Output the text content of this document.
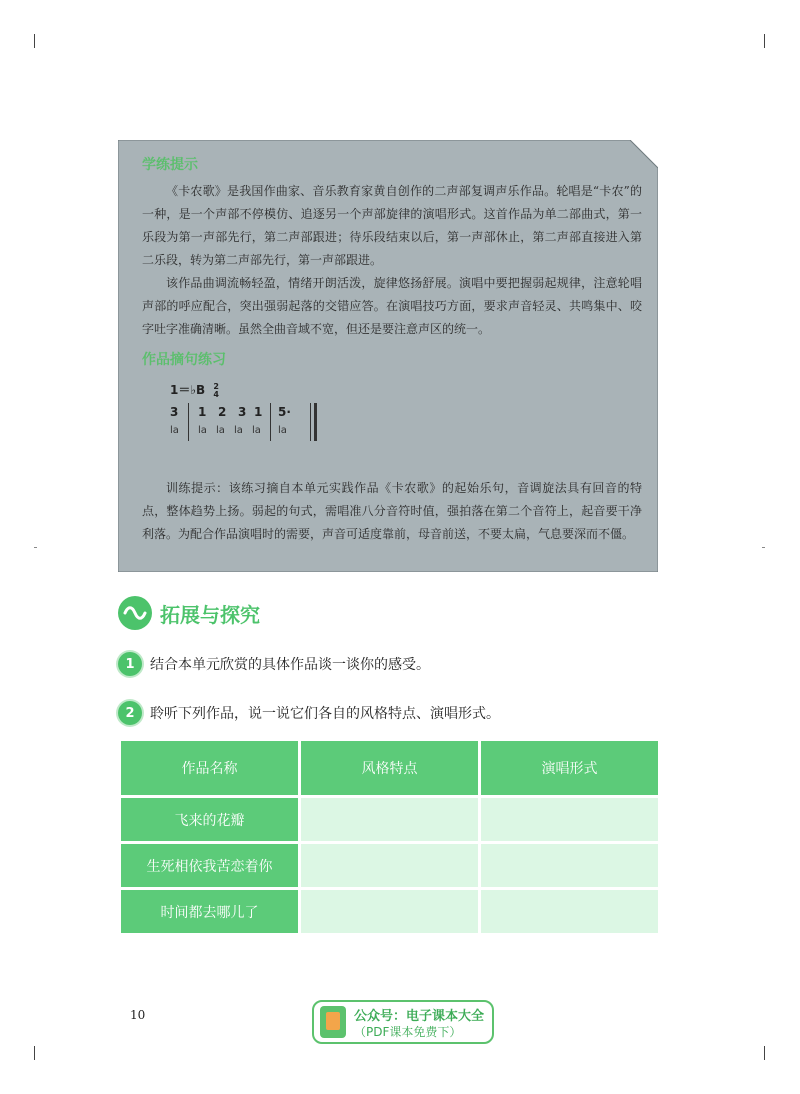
学练提示

《卡农歌》是我国作曲家、音乐教育家黄自创作的二声部复调声乐作品。轮唱是“卡农”的一种，是一个声部不停模仿、追逐另一个声部旋律的演唱形式。这首作品为单二部曲式，第一乐段为第一声部先行，第二声部跟进；待乐段结束以后，第一声部休止，第二声部直接进入第二乐段，转为第二声部先行，第一声部跟进。

该作品曲调流畅轻盈，情绪开朗活泼，旋律悠扬舒展。演唱中要把握弱起规律，注意轮唱声部的呼应配合，突出强弱起落的交错应答。在演唱技巧方面，要求声音轻灵、共鸣集中、咬字吐字准确清晰。虽然全曲音域不宽，但还是要注意声区的统一。

作品摘句练习
1＝♭B 2
4
3 1 2 3 1 5·
la la la la la la

训练提示：该练习摘自本单元实践作品《卡农歌》的起始乐句，音调旋法具有回音的特点，整体趋势上扬。弱起的句式，需唱准八分音符时值，强拍落在第二个音符上，起音要干净利落。为配合作品演唱时的需要，声音可适度靠前，母音前送，不要太扁，气息要深而不僵。

拓展与探究
1	结合本单元欣赏的具体作品谈一谈你的感受。
2	聆听下列作品，说一说它们各自的风格特点、演唱形式。
作品名称	风格特点	演唱形式
飞来的花瓣		
生死相依我苦恋着你		
时间都去哪儿了		
10	公众号：电子课本大全
（PDF课本免费下）
